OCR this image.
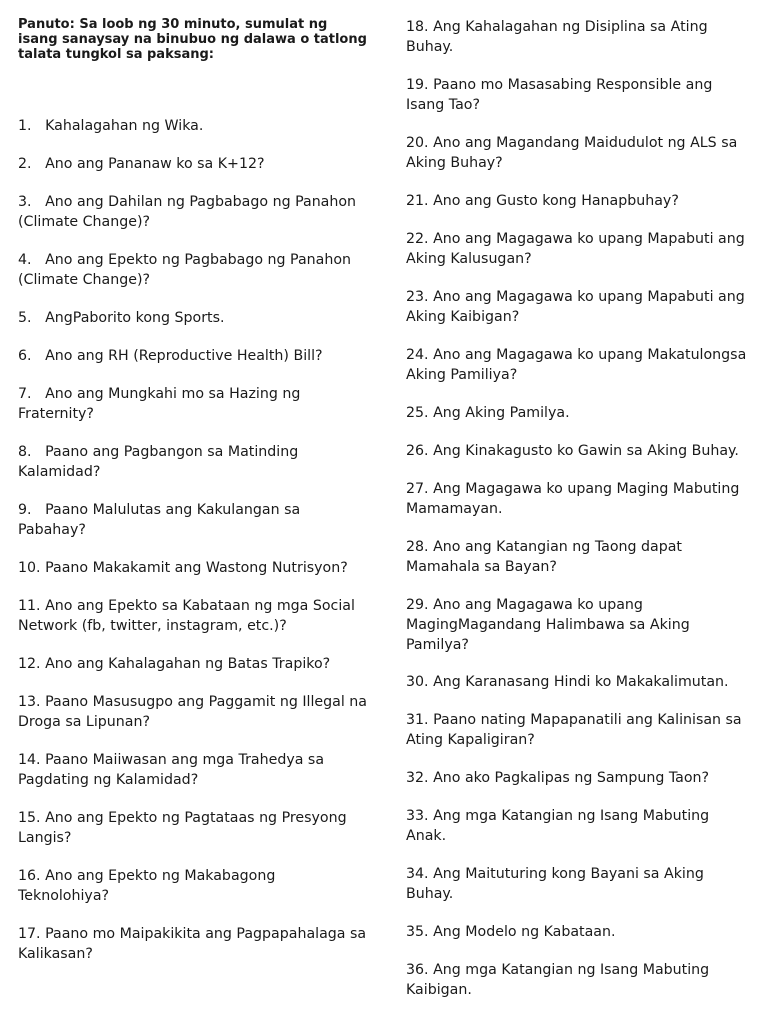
Panuto: Sa loob ng 30 minuto, sumulat ng isang sanaysay na binubuo ng dalawa o tatlong talata tungkol sa paksang:
1.   Kahalagahan ng Wika.
2.   Ano ang Pananaw ko sa K+12?
3.   Ano ang Dahilan ng Pagbabago ng Panahon (Climate Change)?
4.   Ano ang Epekto ng Pagbabago ng Panahon (Climate Change)?
5.   AngPaborito kong Sports.
6.   Ano ang RH (Reproductive Health) Bill?
7.   Ano ang Mungkahi mo sa Hazing ng Fraternity?
8.   Paano ang Pagbangon sa Matinding Kalamidad?
9.   Paano Malulutas ang Kakulangan sa Pabahay?
10. Paano Makakamit ang Wastong Nutrisyon?
11. Ano ang Epekto sa Kabataan ng mga Social Network (fb, twitter, instagram, etc.)?
12. Ano ang Kahalagahan ng Batas Trapiko?
13. Paano Masusugpo ang Paggamit ng Illegal na Droga sa Lipunan?
14. Paano Maiiwasan ang mga Trahedya sa Pagdating ng Kalamidad?
15. Ano ang Epekto ng Pagtataas ng Presyong Langis?
16. Ano ang Epekto ng Makabagong Teknolohiya?
17. Paano mo Maipakikita ang Pagpapahalaga sa Kalikasan?
18. Ang Kahalagahan ng Disiplina sa Ating Buhay.
19. Paano mo Masasabing Responsible ang Isang Tao?
20. Ano ang Magandang Maidudulot ng ALS sa Aking Buhay?
21. Ano ang Gusto kong Hanapbuhay?
22. Ano ang Magagawa ko upang Mapabuti ang Aking Kalusugan?
23. Ano ang Magagawa ko upang Mapabuti ang Aking Kaibigan?
24. Ano ang Magagawa ko upang Makatulongsa Aking Pamiliya?
25. Ang Aking Pamilya.
26. Ang Kinakagusto ko Gawin sa Aking Buhay.
27. Ang Magagawa ko upang Maging Mabuting Mamamayan.
28. Ano ang Katangian ng Taong dapat Mamahala sa Bayan?
29. Ano ang Magagawa ko upang MagingMagandang Halimbawa sa Aking Pamilya?
30. Ang Karanasang Hindi ko Makakalimutan.
31. Paano nating Mapapanatili ang Kalinisan sa Ating Kapaligiran?
32. Ano ako Pagkalipas ng Sampung Taon?
33. Ang mga Katangian ng Isang Mabuting Anak.
34. Ang Maituturing kong Bayani sa Aking Buhay.
35. Ang Modelo ng Kabataan.
36. Ang mga Katangian ng Isang Mabuting Kaibigan.
